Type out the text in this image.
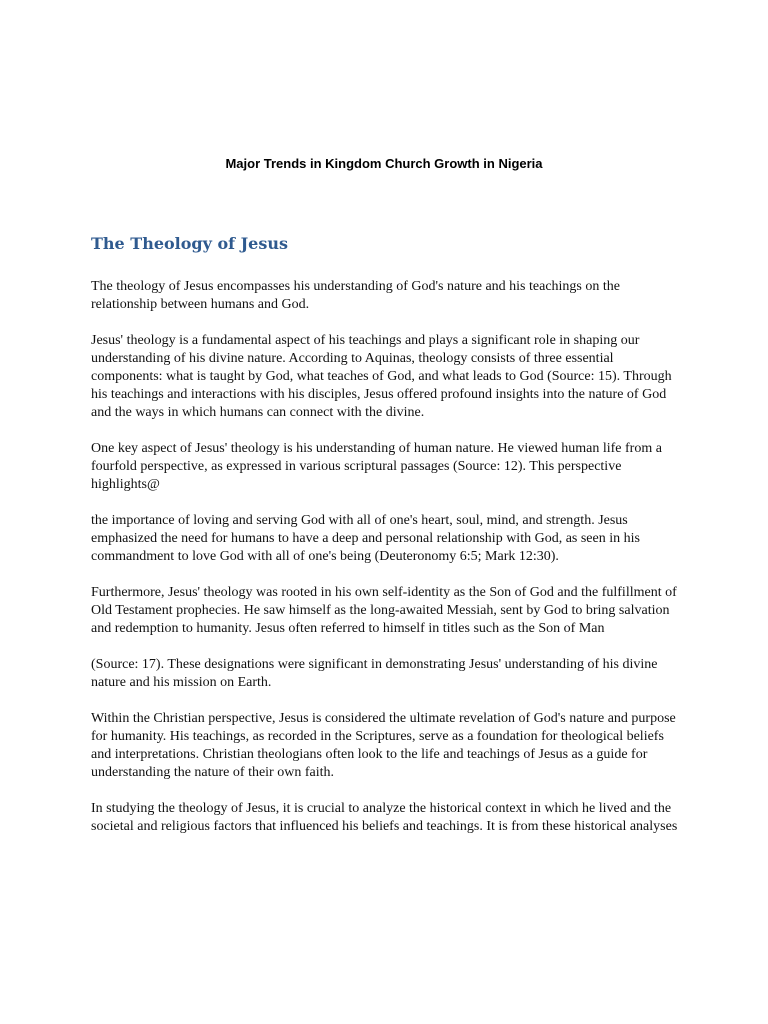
Major Trends in Kingdom Church Growth in Nigeria
The Theology of Jesus

The theology of Jesus encompasses his understanding of God's nature and his teachings on the relationship between humans and God.

Jesus' theology is a fundamental aspect of his teachings and plays a significant role in shaping our understanding of his divine nature. According to Aquinas, theology consists of three essential components: what is taught by God, what teaches of God, and what leads to God (Source: 15). Through his teachings and interactions with his disciples, Jesus offered profound insights into the nature of God and the ways in which humans can connect with the divine.

One key aspect of Jesus' theology is his understanding of human nature. He viewed human life from a fourfold perspective, as expressed in various scriptural passages (Source: 12). This perspective highlights@

the importance of loving and serving God with all of one's heart, soul, mind, and strength. Jesus emphasized the need for humans to have a deep and personal relationship with God, as seen in his commandment to love God with all of one's being (Deuteronomy 6:5; Mark 12:30).

Furthermore, Jesus' theology was rooted in his own self-identity as the Son of God and the fulfillment of Old Testament prophecies. He saw himself as the long-awaited Messiah, sent by God to bring salvation and redemption to humanity. Jesus often referred to himself in titles such as the Son of Man

(Source: 17). These designations were significant in demonstrating Jesus' understanding of his divine nature and his mission on Earth.

Within the Christian perspective, Jesus is considered the ultimate revelation of God's nature and purpose for humanity. His teachings, as recorded in the Scriptures, serve as a foundation for theological beliefs and interpretations. Christian theologians often look to the life and teachings of Jesus as a guide for understanding the nature of their own faith.

In studying the theology of Jesus, it is crucial to analyze the historical context in which he lived and the societal and religious factors that influenced his beliefs and teachings. It is from these historical analyses
